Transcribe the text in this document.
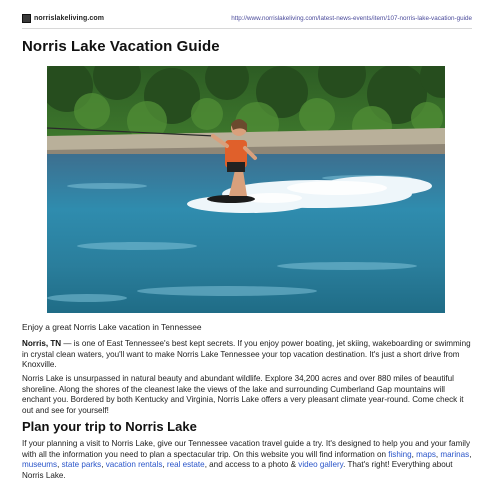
norrislakeliving.com	http://www.norrislakeliving.com/latest-news-events/item/107-norris-lake-vacation-guide
Norris Lake Vacation Guide

Enjoy a great Norris Lake vacation in Tennessee

Norris, TN — is one of East Tennessee's best kept secrets. If you enjoy power boating, jet skiing, wakeboarding or swimming in crystal clean waters, you'll want to make Norris Lake Tennessee your top vacation destination. It's just a short drive from Knoxville.

Norris Lake is unsurpassed in natural beauty and abundant wildlife. Explore 34,200 acres and over 880 miles of beautiful shoreline. Along the shores of the cleanest lake the views of the lake and surrounding Cumberland Gap mountains will enchant you. Bordered by both Kentucky and Virginia, Norris Lake offers a very pleasant climate year-round. Come check it out and see for yourself!

Plan your trip to Norris Lake

If your planning a visit to Norris Lake, give our Tennessee vacation travel guide a try. It's designed to help you and your family with all the information you need to plan a spectacular trip. On this website you will find information on fishing, maps, marinas, museums, state parks, vacation rentals, real estate, and access to a photo & video gallery. That's right! Everything about Norris Lake.
